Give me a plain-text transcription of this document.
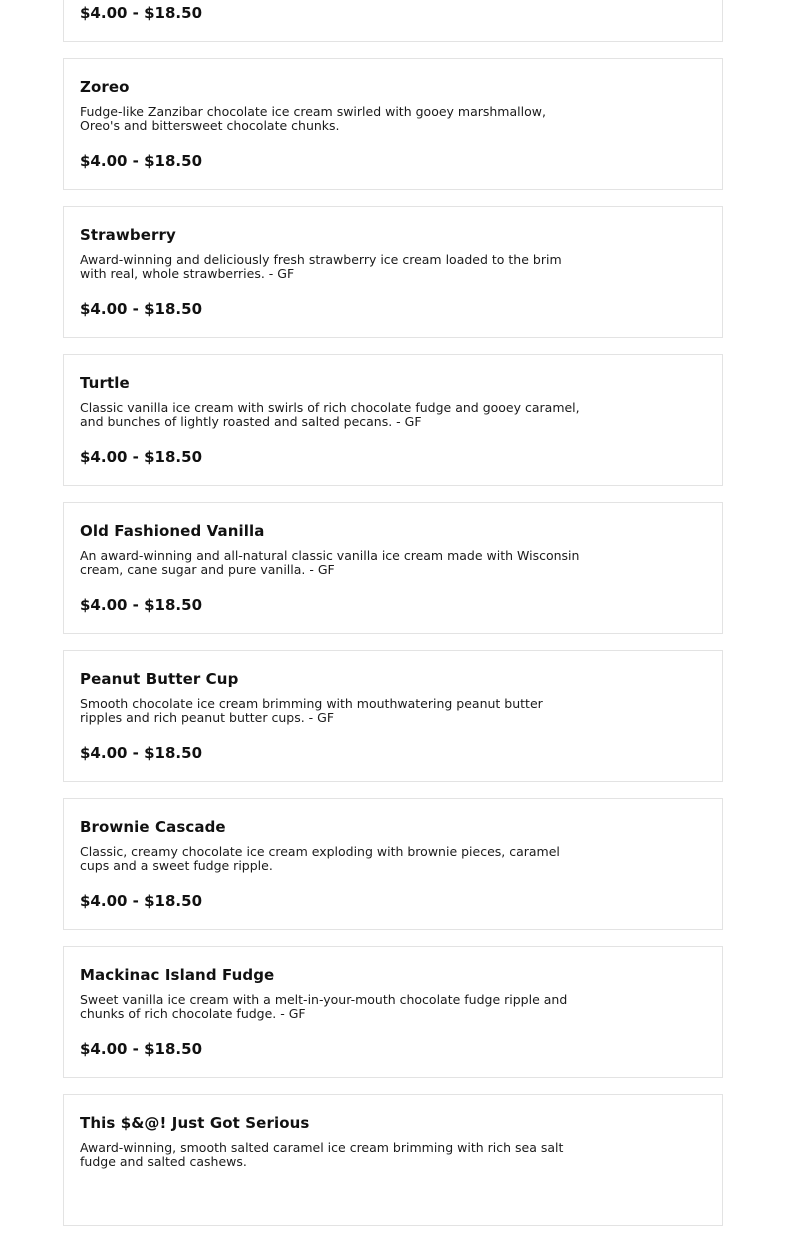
$4.00 - $18.50
Zoreo
Fudge-like Zanzibar chocolate ice cream swirled with gooey marshmallow, Oreo's and bittersweet chocolate chunks.
$4.00 - $18.50
Strawberry
Award-winning and deliciously fresh strawberry ice cream loaded to the brim with real, whole strawberries. - GF
$4.00 - $18.50
Turtle
Classic vanilla ice cream with swirls of rich chocolate fudge and gooey caramel, and bunches of lightly roasted and salted pecans. - GF
$4.00 - $18.50
Old Fashioned Vanilla
An award-winning and all-natural classic vanilla ice cream made with Wisconsin cream, cane sugar and pure vanilla. - GF
$4.00 - $18.50
Peanut Butter Cup
Smooth chocolate ice cream brimming with mouthwatering peanut butter ripples and rich peanut butter cups. - GF
$4.00 - $18.50
Brownie Cascade
Classic, creamy chocolate ice cream exploding with brownie pieces, caramel cups and a sweet fudge ripple.
$4.00 - $18.50
Mackinac Island Fudge
Sweet vanilla ice cream with a melt-in-your-mouth chocolate fudge ripple and chunks of rich chocolate fudge. - GF
$4.00 - $18.50
This $&@! Just Got Serious
Award-winning, smooth salted caramel ice cream brimming with rich sea salt fudge and salted cashews.
